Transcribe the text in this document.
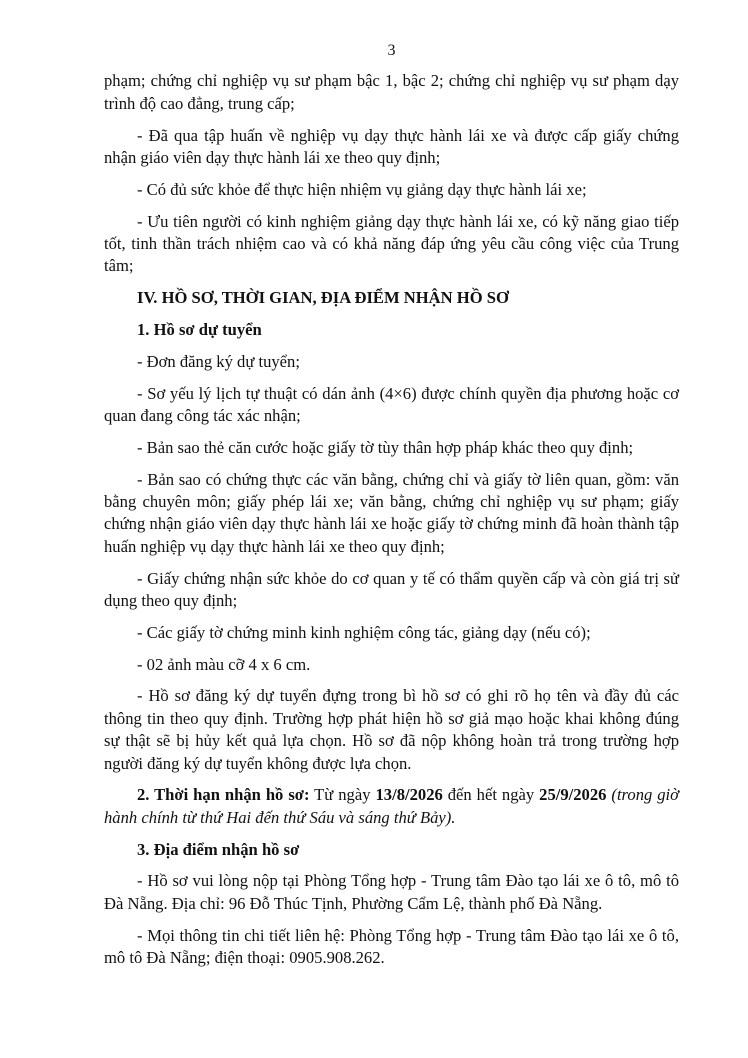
3

phạm; chứng chỉ nghiệp vụ sư phạm bậc 1, bậc 2; chứng chỉ nghiệp vụ sư phạm dạy trình độ cao đẳng, trung cấp;

- Đã qua tập huấn về nghiệp vụ dạy thực hành lái xe và được cấp giấy chứng nhận giáo viên dạy thực hành lái xe theo quy định;

- Có đủ sức khỏe để thực hiện nhiệm vụ giảng dạy thực hành lái xe;

- Ưu tiên người có kinh nghiệm giảng dạy thực hành lái xe, có kỹ năng giao tiếp tốt, tinh thần trách nhiệm cao và có khả năng đáp ứng yêu cầu công việc của Trung tâm;

IV. HỒ SƠ, THỜI GIAN, ĐỊA ĐIỂM NHẬN HỒ SƠ

1. Hồ sơ dự tuyển

- Đơn đăng ký dự tuyển;

- Sơ yếu lý lịch tự thuật có dán ảnh (4×6) được chính quyền địa phương hoặc cơ quan đang công tác xác nhận;

- Bản sao thẻ căn cước hoặc giấy tờ tùy thân hợp pháp khác theo quy định;

- Bản sao có chứng thực các văn bằng, chứng chỉ và giấy tờ liên quan, gồm: văn bằng chuyên môn; giấy phép lái xe; văn bằng, chứng chỉ nghiệp vụ sư phạm; giấy chứng nhận giáo viên dạy thực hành lái xe hoặc giấy tờ chứng minh đã hoàn thành tập huấn nghiệp vụ dạy thực hành lái xe theo quy định;

- Giấy chứng nhận sức khỏe do cơ quan y tế có thẩm quyền cấp và còn giá trị sử dụng theo quy định;

- Các giấy tờ chứng minh kinh nghiệm công tác, giảng dạy (nếu có);

- 02 ảnh màu cỡ 4 x 6 cm.

- Hồ sơ đăng ký dự tuyển đựng trong bì hồ sơ có ghi rõ họ tên và đầy đủ các thông tin theo quy định. Trường hợp phát hiện hồ sơ giả mạo hoặc khai không đúng sự thật sẽ bị hủy kết quả lựa chọn. Hồ sơ đã nộp không hoàn trả trong trường hợp người đăng ký dự tuyển không được lựa chọn.

2. Thời hạn nhận hồ sơ: Từ ngày 13/8/2026 đến hết ngày 25/9/2026 (trong giờ hành chính từ thứ Hai đến thứ Sáu và sáng thứ Bảy).

3. Địa điểm nhận hồ sơ

- Hồ sơ vui lòng nộp tại Phòng Tổng hợp - Trung tâm Đào tạo lái xe ô tô, mô tô Đà Nẵng. Địa chỉ: 96 Đỗ Thúc Tịnh, Phường Cẩm Lệ, thành phố Đà Nẵng.

- Mọi thông tin chi tiết liên hệ: Phòng Tổng hợp - Trung tâm Đào tạo lái xe ô tô, mô tô Đà Nẵng; điện thoại: 0905.908.262.
